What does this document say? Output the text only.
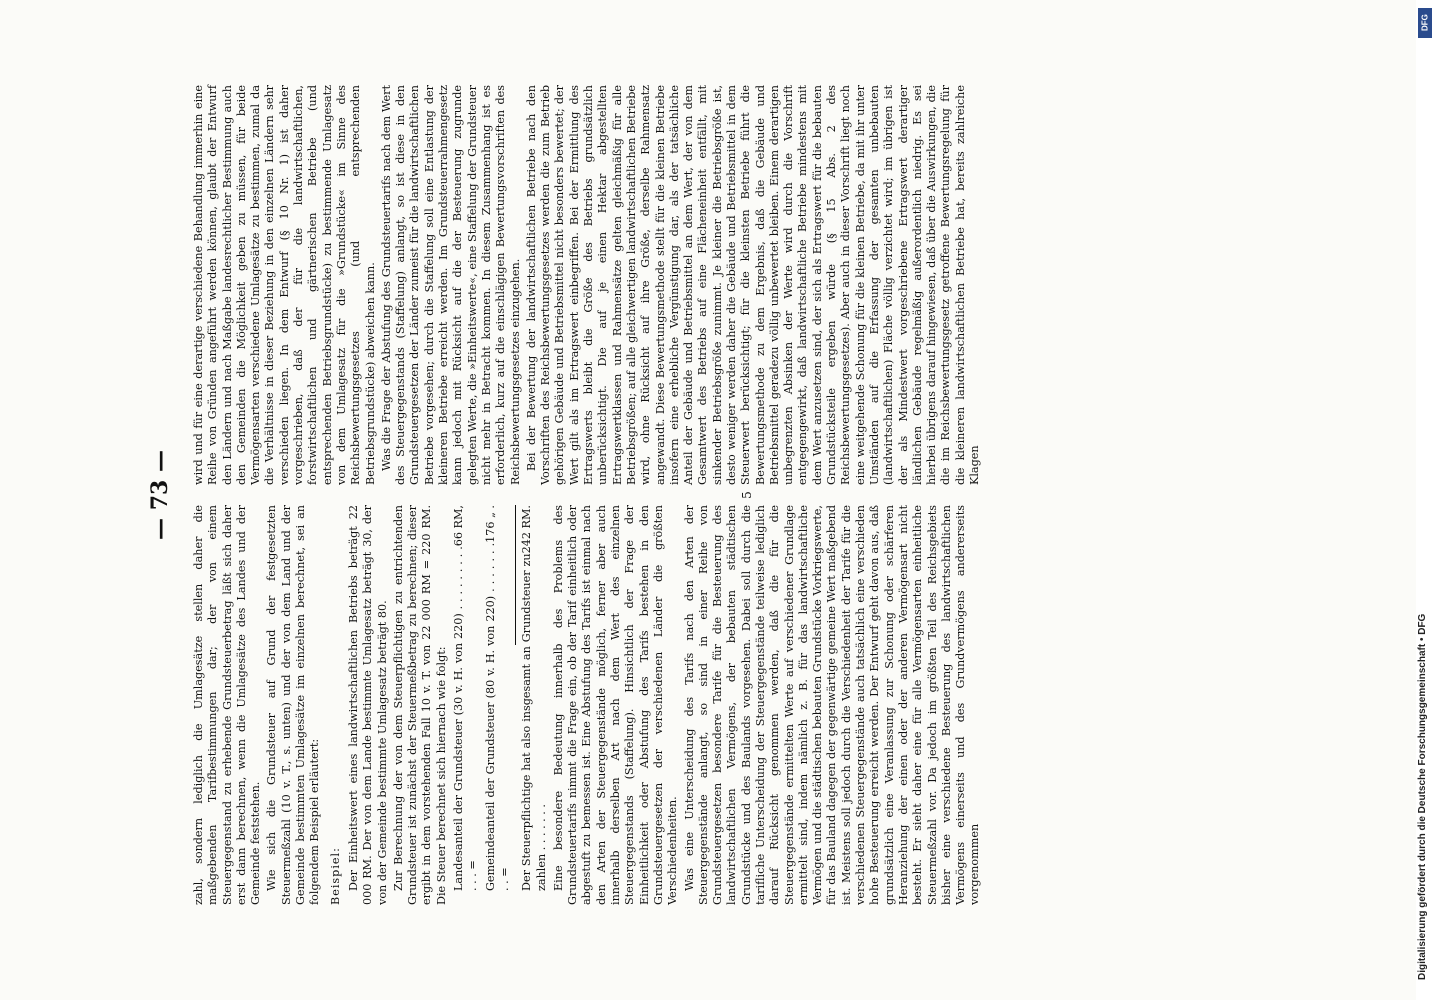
— 73 —

zahl, sondern lediglich die Umlagesätze stellen daher die maßgebenden Tarifbestimmungen dar; der von einem Steuergegenstand zu erhebende Grundsteuerbetrag läßt sich daher erst dann berechnen, wenn die Umlagesätze des Landes und der Gemeinde feststehen. Wie sich die Grundsteuer auf Grund der festgesetzten Steuermeßzahl (10 v. T., s. unten) und der von dem Land und der Gemeinde bestimmten Umlagesätze im einzelnen berechnet, sei an folgendem Beispiel erläutert: Beispiel: Der Einheitswert eines landwirtschaftlichen Betriebs beträgt 22 000 RM. Der von dem Lande bestimmte Umlagesatz beträgt 30, der von der Gemeinde bestimmte Umlagesatz beträgt 80. Zur Berechnung der von dem Steuerpflichtigen zu entrichtenden Grundsteuer ist zunächst der Steuermeßbetrag zu berechnen; dieser ergibt in dem vorstehenden Fall 10 v. T. von 22 000 RM = 220 RM. Die Steuer berechnet sich hiernach wie folgt:

66 RM,
Landesanteil der Grundsteuer (30 v. H. von 220) . . . . . . . . . . . . =

176 „ .
Gemeindeanteil der Grundsteuer (80 v. H. von 220) . . . . . . . . . =

242 RM.
Der Steuerpflichtige hat also insgesamt an Grundsteuer zu zahlen . . . . . . . Eine besondere Bedeutung innerhalb des Problems des Grundsteuertarifs nimmt die Frage ein, ob der Tarif einheitlich oder abgestuft zu bemessen ist. Eine Abstufung des Tarifs ist einmal nach den Arten der Steuergegenstände möglich, ferner aber auch innerhalb derselben Art nach dem Wert des einzelnen Steuergegenstands (Staffelung). Hinsichtlich der Frage der Einheitlichkeit oder Abstufung des Tarifs bestehen in den Grundsteuergesetzen der verschiedenen Länder die größten Verschiedenheiten. Was eine Unterscheidung des Tarifs nach den Arten der Steuergegenstände anlangt, so sind in einer Reihe von Grundsteuergesetzen besondere Tarife für die Besteuerung des landwirtschaftlichen Vermögens, der bebauten städtischen Grundstücke und des Baulands vorgesehen. Dabei soll durch die tarifliche Unterscheidung der Steuergegenstände teilweise lediglich darauf Rücksicht genommen werden, daß die für die Steuergegenstände ermittelten Werte auf verschiedener Grundlage ermittelt sind, indem nämlich z. B. für das landwirtschaftliche Vermögen und die städtischen bebauten Grundstücke Vorkriegswerte, für das Bauland dagegen der gegenwärtige gemeine Wert maßgebend ist. Meistens soll jedoch durch die Verschiedenheit der Tarife für die verschiedenen Steuergegenstände auch tatsächlich eine verschieden hohe Besteuerung erreicht werden. Der Entwurf geht davon aus, daß grundsätzlich eine Veranlassung zur Schonung oder schärferen Heranziehung der einen oder der anderen Vermögensart nicht besteht. Er sieht daher eine für alle Vermögensarten einheitliche Steuermeßzahl vor. Da jedoch im größten Teil des Reichsgebiets bisher eine verschiedene Besteuerung des landwirtschaftlichen Vermögens einerseits und des Grundvermögens andererseits vorgenommen

wird und für eine derartige verschiedene Behandlung immerhin eine Reihe von Gründen angeführt werden können, glaubt der Entwurf den Ländern und nach Maßgabe landesrechtlicher Bestimmung auch den Gemeinden die Möglichkeit geben zu müssen, für beide Vermögensarten verschiedene Umlagesätze zu bestimmen, zumal da die Verhältnisse in dieser Beziehung in den einzelnen Ländern sehr verschieden liegen. In dem Entwurf (§ 10 Nr. 1) ist daher vorgeschrieben, daß der für die landwirtschaftlichen, forstwirtschaftlichen und gärtnerischen Betriebe (und entsprechenden Betriebsgrundstücke) zu bestimmende Umlagesatz von dem Umlagesatz für die »Grundstücke« im Sinne des Reichsbewertungsgesetzes (und entsprechenden Betriebsgrundstücke) abweichen kann. Was die Frage der Abstufung des Grundsteuertarifs nach dem Wert des Steuergegenstands (Staffelung) anlangt, so ist diese in den Grundsteuergesetzen der Länder zumeist für die landwirtschaftlichen Betriebe vorgesehen; durch die Staffelung soll eine Entlastung der kleineren Betriebe erreicht werden. Im Grundsteuerrahmengesetz kann jedoch mit Rücksicht auf die der Besteuerung zugrunde gelegten Werte, die »Einheitswerte«, eine Staffelung der Grundsteuer nicht mehr in Betracht kommen. In diesem Zusammenhang ist es erforderlich, kurz auf die einschlägigen Bewertungsvorschriften des Reichsbewertungsgesetzes einzugehen. Bei der Bewertung der landwirtschaftlichen Betriebe nach den Vorschriften des Reichsbewertungsgesetzes werden die zum Betrieb gehörigen Gebäude und Betriebsmittel nicht besonders bewertet; der Wert gilt als im Ertragswert einbegriffen. Bei der Ermittlung des Ertragswerts bleibt die Größe des Betriebs grundsätzlich unberücksichtigt. Die auf je einen Hektar abgestellten Ertragswertklassen und Rahmensätze gelten gleichmäßig für alle Betriebsgrößen; auf alle gleichwertigen landwirtschaftlichen Betriebe wird, ohne Rücksicht auf ihre Größe, derselbe Rahmensatz angewandt. Diese Bewertungsmethode stellt für die kleinen Betriebe insofern eine erhebliche Vergünstigung dar, als der tatsächliche Anteil der Gebäude und Betriebsmittel an dem Wert, der von dem Gesamtwert des Betriebs auf eine Flächeneinheit entfällt, mit sinkender Betriebsgröße zunimmt. Je kleiner die Betriebsgröße ist, desto weniger werden daher die Gebäude und Betriebsmittel in dem Steuerwert berücksichtigt; für die kleinsten Betriebe führt die Bewertungsmethode zu dem Ergebnis, daß die Gebäude und Betriebsmittel geradezu völlig unbewertet bleiben. Einem derartigen unbegrenzten Absinken der Werte wird durch die Vorschrift entgegengewirkt, daß landwirtschaftliche Betriebe mindestens mit dem Wert anzusetzen sind, der sich als Ertragswert für die bebauten Grundstücksteile ergeben würde (§ 15 Abs. 2 des Reichsbewertungsgesetzes). Aber auch in dieser Vorschrift liegt noch eine weitgehende Schonung für die kleinen Betriebe, da mit ihr unter Umständen auf die Erfassung der gesamten unbebauten (landwirtschaftlichen) Fläche völlig verzichtet wird; im übrigen ist der als Mindestwert vorgeschriebene Ertragswert derartiger ländlichen Gebäude regelmäßig außerordentlich niedrig. Es sei hierbei übrigens darauf hingewiesen, daß über die Auswirkungen, die die im Reichsbewertungsgesetz getroffene Bewertungsregelung für die kleineren landwirtschaftlichen Betriebe hat, bereits zahlreiche Klagen

5
Digitalisierung gefördert durch die Deutsche Forschungsgemeinschaft • DFG
DFG
